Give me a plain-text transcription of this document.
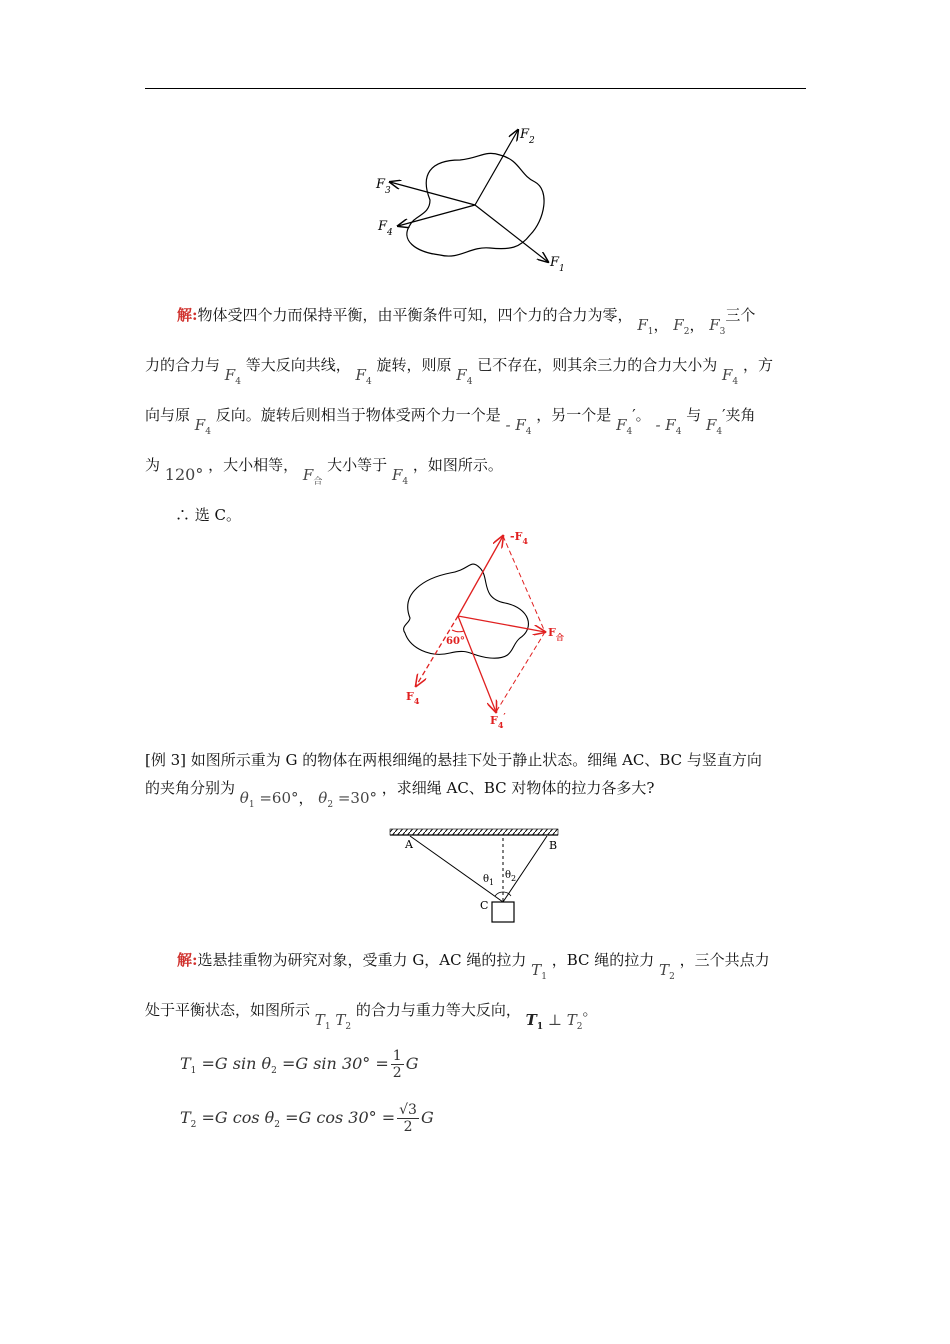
$F_2$
$F_3$
$F_4$
$F_1$
解:物体受四个力而保持平衡，由平衡条件可知，四个力的合力为零， $F_1$， $F_2$， $F_3$三个
力的合力与 $F_4$ 等大反向共线， $F_4$ 旋转，则原 $F_4$ 已不存在，则其余三力的合力大小为 $F_4$ ，方
向与原 $F_4$ 反向。旋转后则相当于物体受两个力一个是 - $F_4$ ，另一个是 $F_4'$。 - $F_4$ 与 $F_4'$夹角
为 120° ，大小相等， $F_合$ 大小等于 $F_4$ ，如图所示。
∴ 选 C。
$-F_4$
$F_合$
60°
$F_4$
$F_4'$
[例 3] 如图所示重为 G 的物体在两根细绳的悬挂下处于静止状态。细绳 AC、BC 与竖直方向
的夹角分别为 $\theta_1 =60^\circ$， $\theta_2 =30^\circ$ ，求细绳 AC、BC 对物体的拉力各多大?
A	B
C
$\theta_1$
$\theta_2$
解:选悬挂重物为研究对象，受重力 G，AC 绳的拉力 $T_1$ ，BC 绳的拉力 $T_2$ ，三个共点力
处于平衡状态，如图所示 $T_1$ $T_2$ 的合力与重力等大反向， $T_1$ ⊥ $T_2$。
$T_1 =G$ $\sin \theta_2 =G$ $\sin 30^\circ = \frac{1}{2}$ G
$T_2 =G$ $\cos \theta_2 =G$ $\cos 30^\circ = \frac{√3}{2}$ G
